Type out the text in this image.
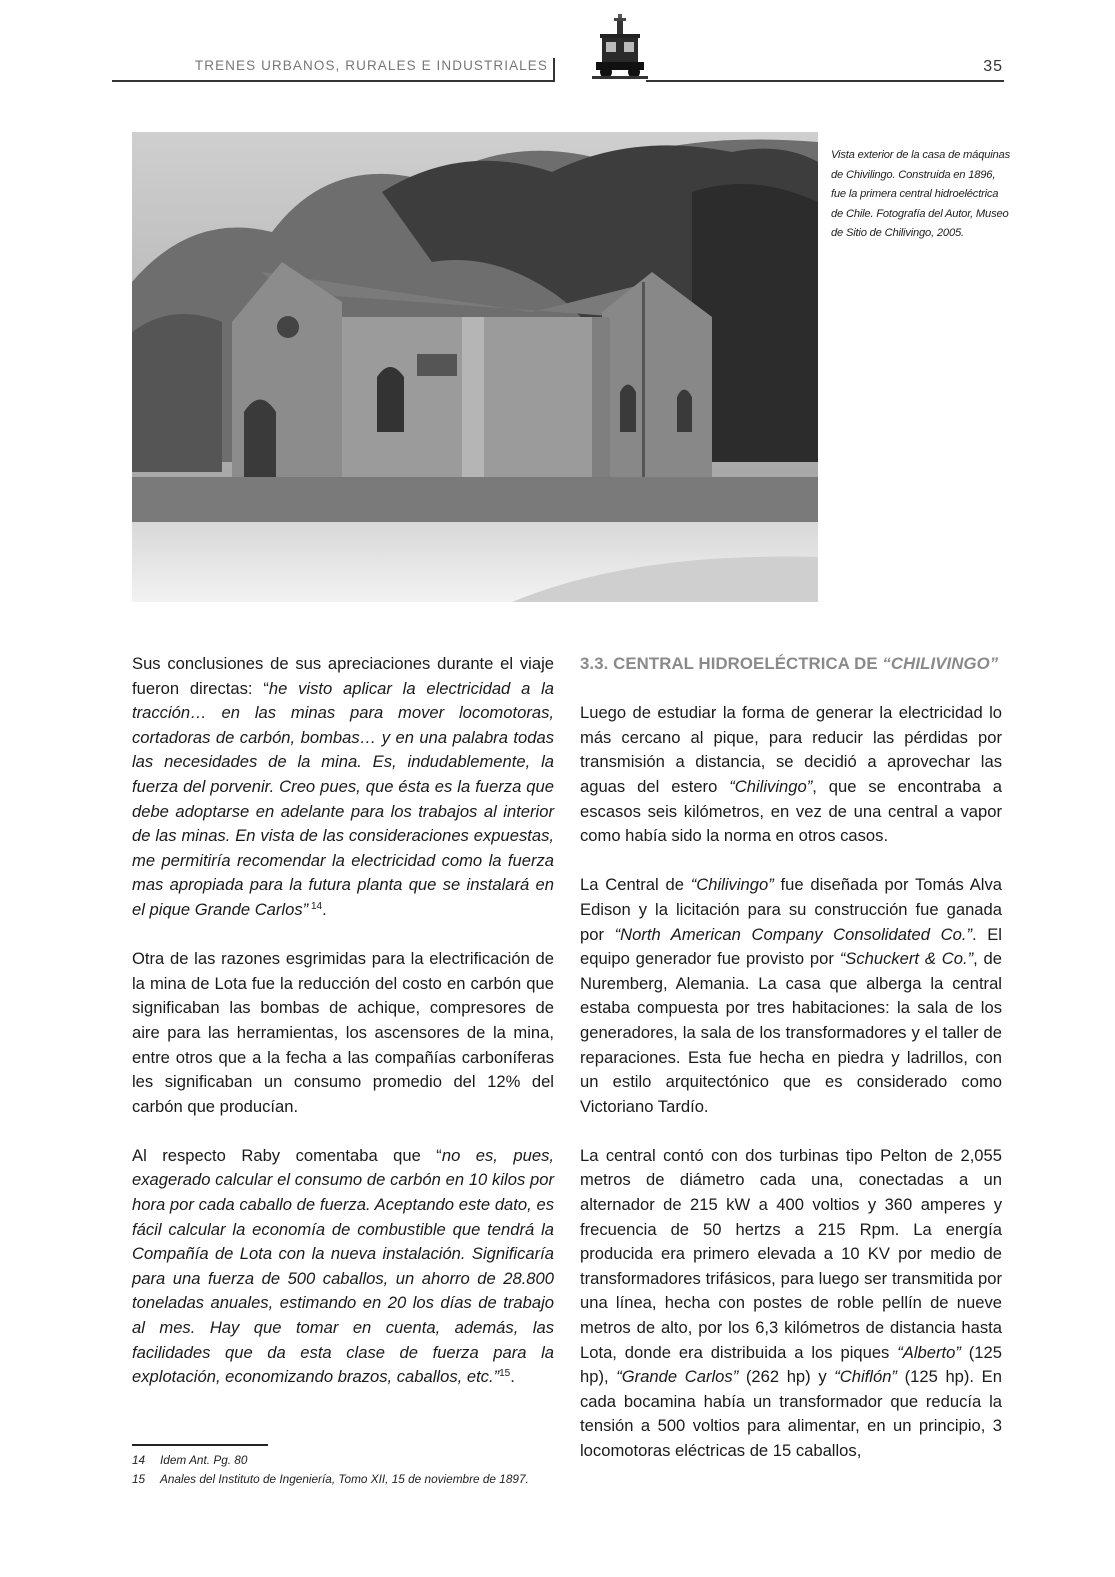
TRENES URBANOS, RURALES E INDUSTRIALES	35
Vista exterior de la casa de máquinas de Chivilingo. Construida en 1896, fue la primera central hidroeléctrica de Chile. Fotografía del Autor, Museo de Sitio de Chilivingo, 2005.

Sus conclusiones de sus apreciaciones durante el viaje fueron directas: “he visto aplicar la electricidad a la tracción… en las minas para mover locomotoras, cortadoras de carbón, bombas… y en una palabra todas las necesidades de la mina. Es, indudablemente, la fuerza del porvenir. Creo pues, que ésta es la fuerza que debe adoptarse en adelante para los trabajos al interior de las minas. En vista de las consideraciones expuestas, me permitiría recomendar la electricidad como la fuerza mas apropiada para la futura planta que se instalará en el pique Grande Carlos” $^{14}$.

Otra de las razones esgrimidas para la electrificación de la mina de Lota fue la reducción del costo en carbón que significaban las bombas de achique, compresores de aire para las herramientas, los ascensores de la mina, entre otros que a la fecha a las compañías carboníferas les significaban un consumo promedio del 12% del carbón que producían.

Al respecto Raby comentaba que “no es, pues, exagerado calcular el consumo de carbón en 10 kilos por hora por cada caballo de fuerza. Aceptando este dato, es fácil calcular la economía de combustible que tendrá la Compañía de Lota con la nueva instalación. Significaría para una fuerza de 500 caballos, un ahorro de 28.800 toneladas anuales, estimando en 20 los días de trabajo al mes. Hay que tomar en cuenta, además, las facilidades que da esta clase de fuerza para la explotación, economizando brazos, caballos, etc.”$^{15}$.

3.3. CENTRAL HIDROELÉCTRICA DE “CHILIVINGO”

Luego de estudiar la forma de generar la electricidad lo más cercano al pique, para reducir las pérdidas por transmisión a distancia, se decidió a aprovechar las aguas del estero “Chilivingo”, que se encontraba a escasos seis kilómetros, en vez de una central a vapor como había sido la norma en otros casos.

La Central de “Chilivingo” fue diseñada por Tomás Alva Edison y la licitación para su construcción fue ganada por “North American Company Consolidated Co.”. El equipo generador fue provisto por “Schuckert & Co.”, de Nuremberg, Alemania. La casa que alberga la central estaba compuesta por tres habitaciones: la sala de los generadores, la sala de los transformadores y el taller de reparaciones. Esta fue hecha en piedra y ladrillos, con un estilo arquitectónico que es considerado como Victoriano Tardío.

La central contó con dos turbinas tipo Pelton de 2,055 metros de diámetro cada una, conectadas a un alternador de 215 kW a 400 voltios y 360 amperes y frecuencia de 50 hertzs a 215 Rpm. La energía producida era primero elevada a 10 KV por medio de transformadores trifásicos, para luego ser transmitida por una línea, hecha con postes de roble pellín de nueve metros de alto, por los 6,3 kilómetros de distancia hasta Lota, donde era distribuida a los piques “Alberto” (125 hp), “Grande Carlos” (262 hp) y “Chiflón” (125 hp). En cada bocamina había un transformador que reducía la tensión a 500 voltios para alimentar, en un principio, 3 locomotoras eléctricas de 15 caballos,

14	Idem Ant. Pg. 80
15	Anales del Instituto de Ingeniería, Tomo XII, 15 de noviembre de 1897.
